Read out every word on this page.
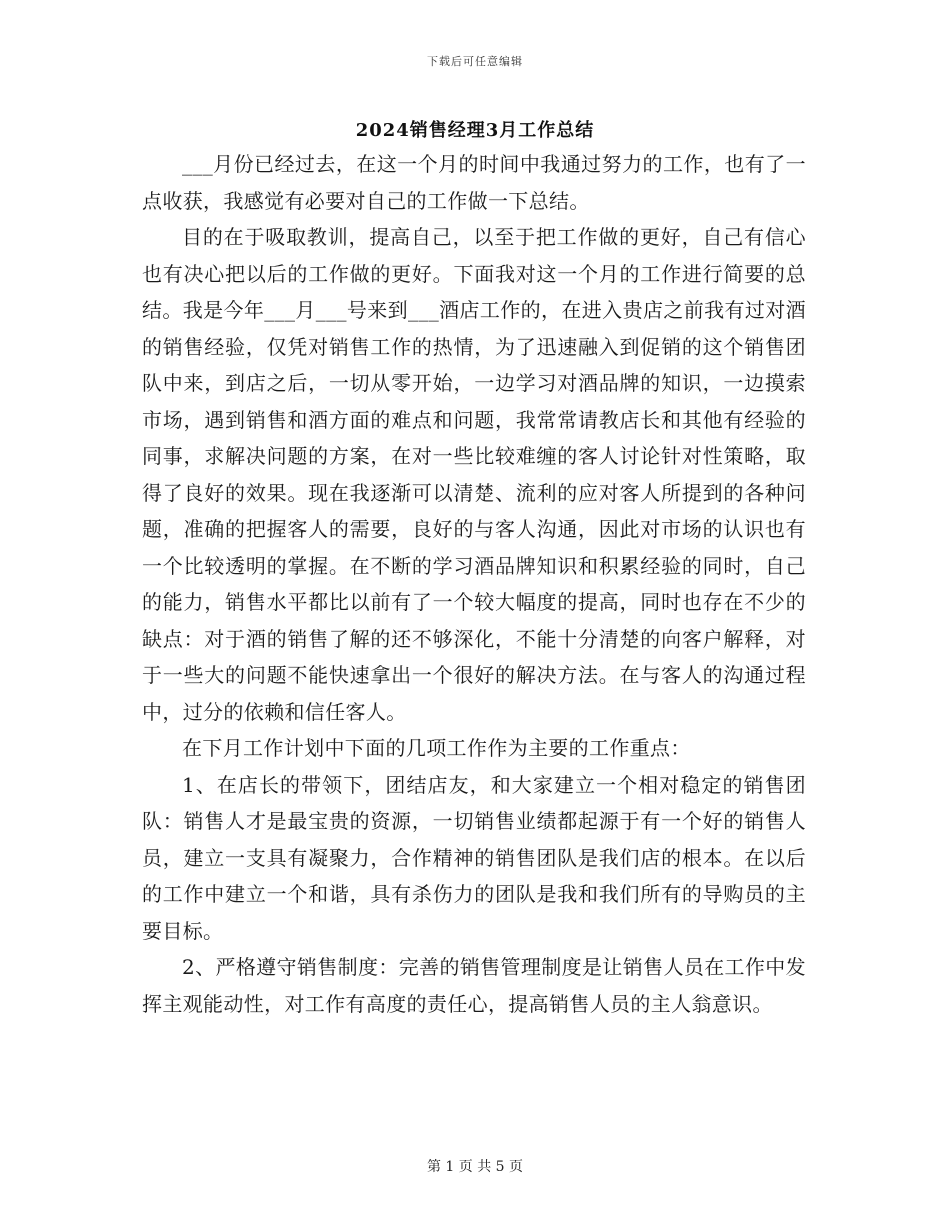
下载后可任意编辑
2024销售经理3月工作总结

___月份已经过去，在这一个月的时间中我通过努力的工作，也有了一点收获，我感觉有必要对自己的工作做一下总结。

目的在于吸取教训，提高自己，以至于把工作做的更好，自己有信心也有决心把以后的工作做的更好。下面我对这一个月的工作进行简要的总结。我是今年___月___号来到___酒店工作的，在进入贵店之前我有过对酒的销售经验，仅凭对销售工作的热情，为了迅速融入到促销的这个销售团队中来，到店之后，一切从零开始，一边学习对酒品牌的知识，一边摸索市场，遇到销售和酒方面的难点和问题，我常常请教店长和其他有经验的同事，求解决问题的方案，在对一些比较难缠的客人讨论针对性策略，取得了良好的效果。现在我逐渐可以清楚、流利的应对客人所提到的各种问题，准确的把握客人的需要，良好的与客人沟通，因此对市场的认识也有一个比较透明的掌握。在不断的学习酒品牌知识和积累经验的同时，自己的能力，销售水平都比以前有了一个较大幅度的提高，同时也存在不少的缺点：对于酒的销售了解的还不够深化，不能十分清楚的向客户解释，对于一些大的问题不能快速拿出一个很好的解决方法。在与客人的沟通过程中，过分的依赖和信任客人。

在下月工作计划中下面的几项工作作为主要的工作重点：

1、在店长的带领下，团结店友，和大家建立一个相对稳定的销售团队：销售人才是最宝贵的资源，一切销售业绩都起源于有一个好的销售人员，建立一支具有凝聚力，合作精神的销售团队是我们店的根本。在以后的工作中建立一个和谐，具有杀伤力的团队是我和我们所有的导购员的主要目标。

2、严格遵守销售制度：完善的销售管理制度是让销售人员在工作中发挥主观能动性，对工作有高度的责任心，提高销售人员的主人翁意识。

第 1 页 共 5 页
